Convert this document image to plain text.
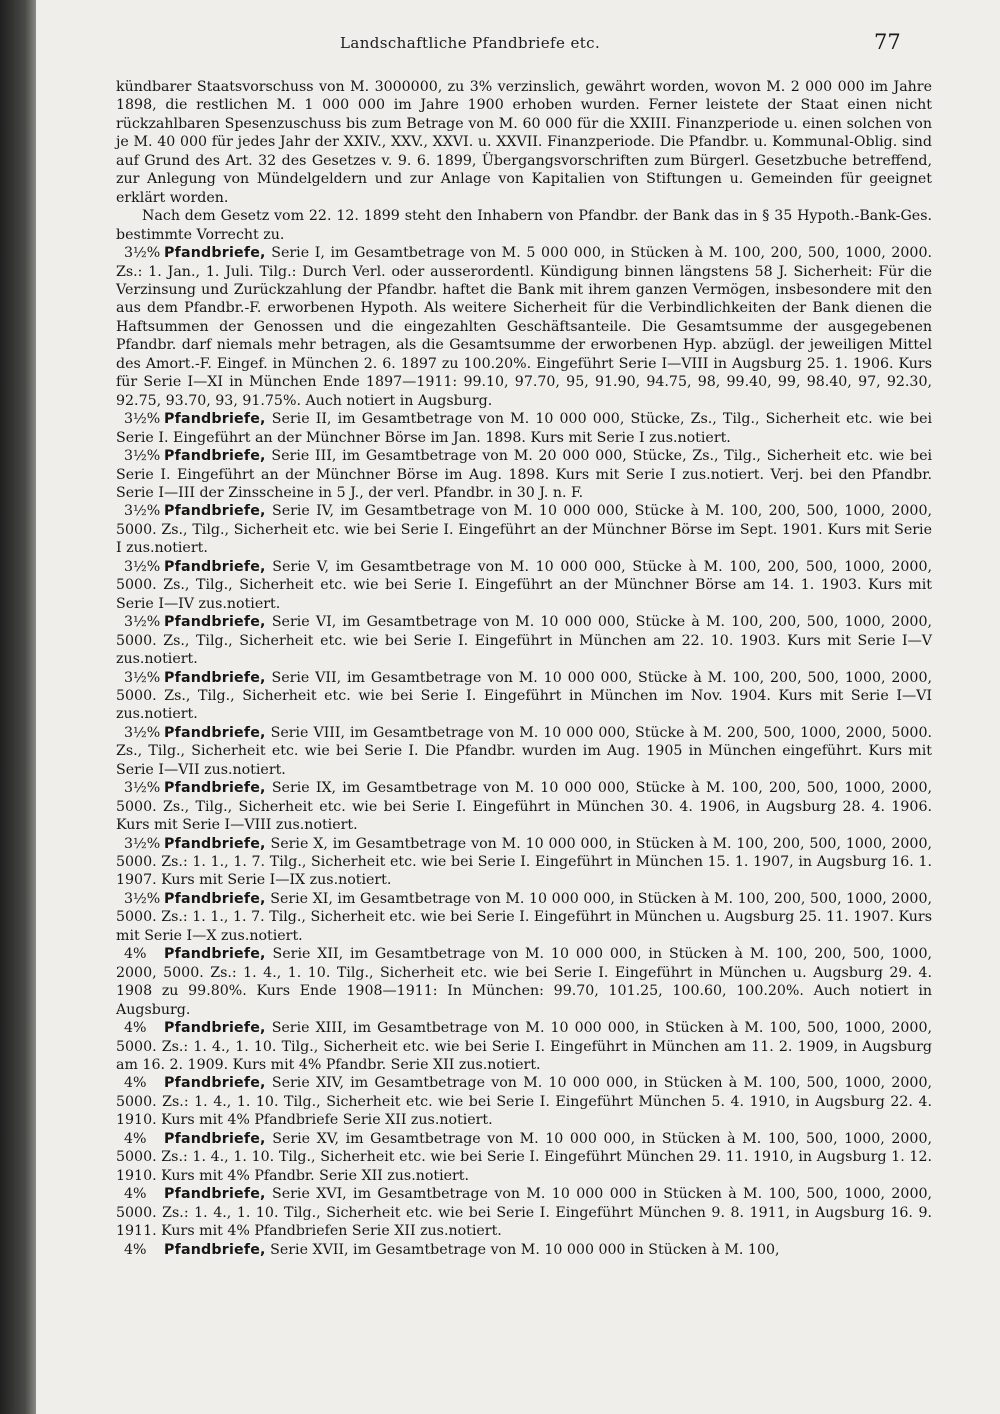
Landschaftliche Pfandbriefe etc.	77

kündbarer Staatsvorschuss von M. 3000000, zu 3% verzinslich, gewährt worden, wovon M. 2 000 000 im Jahre 1898, die restlichen M. 1 000 000 im Jahre 1900 erhoben wurden. Ferner leistete der Staat einen nicht rückzahlbaren Spesenzuschuss bis zum Betrage von M. 60 000 für die XXIII. Finanzperiode u. einen solchen von je M. 40 000 für jedes Jahr der XXIV., XXV., XXVI. u. XXVII. Finanzperiode. Die Pfandbr. u. Kommunal-Oblig. sind auf Grund des Art. 32 des Gesetzes v. 9. 6. 1899, Übergangsvorschriften zum Bürgerl. Gesetzbuche betreffend, zur Anlegung von Mündelgeldern und zur Anlage von Kapitalien von Stiftungen u. Gemeinden für geeignet erklärt worden.

Nach dem Gesetz vom 22. 12. 1899 steht den Inhabern von Pfandbr. der Bank das in § 35 Hypoth.-Bank-Ges. bestimmte Vorrecht zu.

3½% Pfandbriefe, Serie I, im Gesamtbetrage von M. 5 000 000, in Stücken à M. 100, 200, 500, 1000, 2000. Zs.: 1. Jan., 1. Juli. Tilg.: Durch Verl. oder ausserordentl. Kündigung binnen längstens 58 J. Sicherheit: Für die Verzinsung und Zurückzahlung der Pfandbr. haftet die Bank mit ihrem ganzen Vermögen, insbesondere mit den aus dem Pfandbr.-F. erworbenen Hypoth. Als weitere Sicherheit für die Verbindlichkeiten der Bank dienen die Haftsummen der Genossen und die eingezahlten Geschäftsanteile. Die Gesamtsumme der ausgegebenen Pfandbr. darf niemals mehr betragen, als die Gesamtsumme der erworbenen Hyp. abzügl. der jeweiligen Mittel des Amort.-F. Eingef. in München 2. 6. 1897 zu 100.20%. Eingeführt Serie I—VIII in Augsburg 25. 1. 1906. Kurs für Serie I—XI in München Ende 1897—1911: 99.10, 97.70, 95, 91.90, 94.75, 98, 99.40, 99, 98.40, 97, 92.30, 92.75, 93.70, 93, 91.75%. Auch notiert in Augsburg.

3½% Pfandbriefe, Serie II, im Gesamtbetrage von M. 10 000 000, Stücke, Zs., Tilg., Sicherheit etc. wie bei Serie I. Eingeführt an der Münchner Börse im Jan. 1898. Kurs mit Serie I zus.notiert.

3½% Pfandbriefe, Serie III, im Gesamtbetrage von M. 20 000 000, Stücke, Zs., Tilg., Sicherheit etc. wie bei Serie I. Eingeführt an der Münchner Börse im Aug. 1898. Kurs mit Serie I zus.notiert. Verj. bei den Pfandbr. Serie I—III der Zinsscheine in 5 J., der verl. Pfandbr. in 30 J. n. F.

3½% Pfandbriefe, Serie IV, im Gesamtbetrage von M. 10 000 000, Stücke à M. 100, 200, 500, 1000, 2000, 5000. Zs., Tilg., Sicherheit etc. wie bei Serie I. Eingeführt an der Münchner Börse im Sept. 1901. Kurs mit Serie I zus.notiert.

3½% Pfandbriefe, Serie V, im Gesamtbetrage von M. 10 000 000, Stücke à M. 100, 200, 500, 1000, 2000, 5000. Zs., Tilg., Sicherheit etc. wie bei Serie I. Eingeführt an der Münchner Börse am 14. 1. 1903. Kurs mit Serie I—IV zus.notiert.

3½% Pfandbriefe, Serie VI, im Gesamtbetrage von M. 10 000 000, Stücke à M. 100, 200, 500, 1000, 2000, 5000. Zs., Tilg., Sicherheit etc. wie bei Serie I. Eingeführt in München am 22. 10. 1903. Kurs mit Serie I—V zus.notiert.

3½% Pfandbriefe, Serie VII, im Gesamtbetrage von M. 10 000 000, Stücke à M. 100, 200, 500, 1000, 2000, 5000. Zs., Tilg., Sicherheit etc. wie bei Serie I. Eingeführt in München im Nov. 1904. Kurs mit Serie I—VI zus.notiert.

3½% Pfandbriefe, Serie VIII, im Gesamtbetrage von M. 10 000 000, Stücke à M. 200, 500, 1000, 2000, 5000. Zs., Tilg., Sicherheit etc. wie bei Serie I. Die Pfandbr. wurden im Aug. 1905 in München eingeführt. Kurs mit Serie I—VII zus.notiert.

3½% Pfandbriefe, Serie IX, im Gesamtbetrage von M. 10 000 000, Stücke à M. 100, 200, 500, 1000, 2000, 5000. Zs., Tilg., Sicherheit etc. wie bei Serie I. Eingeführt in München 30. 4. 1906, in Augsburg 28. 4. 1906. Kurs mit Serie I—VIII zus.notiert.

3½% Pfandbriefe, Serie X, im Gesamtbetrage von M. 10 000 000, in Stücken à M. 100, 200, 500, 1000, 2000, 5000. Zs.: 1. 1., 1. 7. Tilg., Sicherheit etc. wie bei Serie I. Eingeführt in München 15. 1. 1907, in Augsburg 16. 1. 1907. Kurs mit Serie I—IX zus.notiert.

3½% Pfandbriefe, Serie XI, im Gesamtbetrage von M. 10 000 000, in Stücken à M. 100, 200, 500, 1000, 2000, 5000. Zs.: 1. 1., 1. 7. Tilg., Sicherheit etc. wie bei Serie I. Eingeführt in München u. Augsburg 25. 11. 1907. Kurs mit Serie I—X zus.notiert.

4% Pfandbriefe, Serie XII, im Gesamtbetrage von M. 10 000 000, in Stücken à M. 100, 200, 500, 1000, 2000, 5000. Zs.: 1. 4., 1. 10. Tilg., Sicherheit etc. wie bei Serie I. Eingeführt in München u. Augsburg 29. 4. 1908 zu 99.80%. Kurs Ende 1908—1911: In München: 99.70, 101.25, 100.60, 100.20%. Auch notiert in Augsburg.

4% Pfandbriefe, Serie XIII, im Gesamtbetrage von M. 10 000 000, in Stücken à M. 100, 500, 1000, 2000, 5000. Zs.: 1. 4., 1. 10. Tilg., Sicherheit etc. wie bei Serie I. Eingeführt in München am 11. 2. 1909, in Augsburg am 16. 2. 1909. Kurs mit 4% Pfandbr. Serie XII zus.notiert.

4% Pfandbriefe, Serie XIV, im Gesamtbetrage von M. 10 000 000, in Stücken à M. 100, 500, 1000, 2000, 5000. Zs.: 1. 4., 1. 10. Tilg., Sicherheit etc. wie bei Serie I. Eingeführt München 5. 4. 1910, in Augsburg 22. 4. 1910. Kurs mit 4% Pfandbriefe Serie XII zus.notiert.

4% Pfandbriefe, Serie XV, im Gesamtbetrage von M. 10 000 000, in Stücken à M. 100, 500, 1000, 2000, 5000. Zs.: 1. 4., 1. 10. Tilg., Sicherheit etc. wie bei Serie I. Eingeführt München 29. 11. 1910, in Augsburg 1. 12. 1910. Kurs mit 4% Pfandbr. Serie XII zus.notiert.

4% Pfandbriefe, Serie XVI, im Gesamtbetrage von M. 10 000 000 in Stücken à M. 100, 500, 1000, 2000, 5000. Zs.: 1. 4., 1. 10. Tilg., Sicherheit etc. wie bei Serie I. Eingeführt München 9. 8. 1911, in Augsburg 16. 9. 1911. Kurs mit 4% Pfandbriefen Serie XII zus.notiert.

4% Pfandbriefe, Serie XVII, im Gesamtbetrage von M. 10 000 000 in Stücken à M. 100,
